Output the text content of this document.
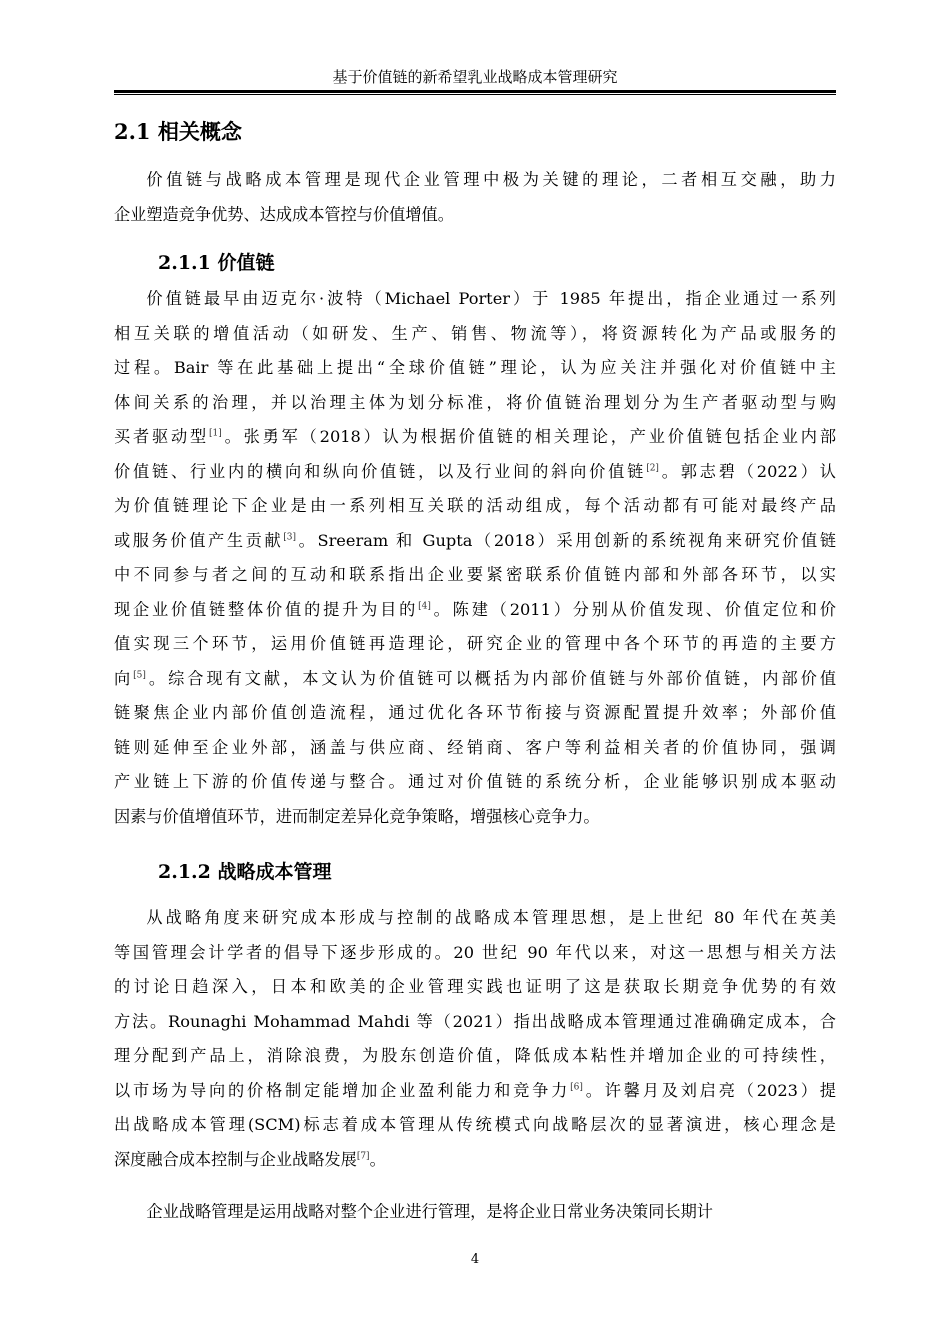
基于价值链的新希望乳业战略成本管理研究
2.1 相关概念
价值链与战略成本管理是现代企业管理中极为关键的理论，二者相互交融，助力
企业塑造竞争优势、达成成本管控与价值增值。
2.1.1 价值链
价值链最早由迈克尔·波特（Michael Porter）于 1985 年提出，指企业通过一系列
相互关联的增值活动（如研发、生产、销售、物流等），将资源转化为产品或服务的
过程。Bair 等在此基础上提出“全球价值链”理论，认为应关注并强化对价值链中主
体间关系的治理，并以治理主体为划分标准，将价值链治理划分为生产者驱动型与购
买者驱动型[1]。张勇军（2018）认为根据价值链的相关理论，产业价值链包括企业内部
价值链、行业内的横向和纵向价值链，以及行业间的斜向价值链[2]。郭志碧（2022）认
为价值链理论下企业是由一系列相互关联的活动组成，每个活动都有可能对最终产品
或服务价值产生贡献[3]。Sreeram 和 Gupta（2018）采用创新的系统视角来研究价值链
中不同参与者之间的互动和联系指出企业要紧密联系价值链内部和外部各环节，以实
现企业价值链整体价值的提升为目的[4]。陈建（2011）分别从价值发现、价值定位和价
值实现三个环节，运用价值链再造理论，研究企业的管理中各个环节的再造的主要方
向[5]。综合现有文献，本文认为价值链可以概括为内部价值链与外部价值链，内部价值
链聚焦企业内部价值创造流程，通过优化各环节衔接与资源配置提升效率；外部价值
链则延伸至企业外部，涵盖与供应商、经销商、客户等利益相关者的价值协同，强调
产业链上下游的价值传递与整合。通过对价值链的系统分析，企业能够识别成本驱动
因素与价值增值环节，进而制定差异化竞争策略，增强核心竞争力。
2.1.2 战略成本管理
从战略角度来研究成本形成与控制的战略成本管理思想，是上世纪 80 年代在英美
等国管理会计学者的倡导下逐步形成的。20 世纪 90 年代以来，对这一思想与相关方法
的讨论日趋深入，日本和欧美的企业管理实践也证明了这是获取长期竞争优势的有效
方法。Rounaghi Mohammad Mahdi 等（2021）指出战略成本管理通过准确确定成本，合
理分配到产品上，消除浪费，为股东创造价值，降低成本粘性并增加企业的可持续性，
以市场为导向的价格制定能增加企业盈利能力和竞争力[6]。许馨月及刘启亮（2023）提
出战略成本管理(SCM)标志着成本管理从传统模式向战略层次的显著演进，核心理念是
深度融合成本控制与企业战略发展[7]。
企业战略管理是运用战略对整个企业进行管理，是将企业日常业务决策同长期计
4
